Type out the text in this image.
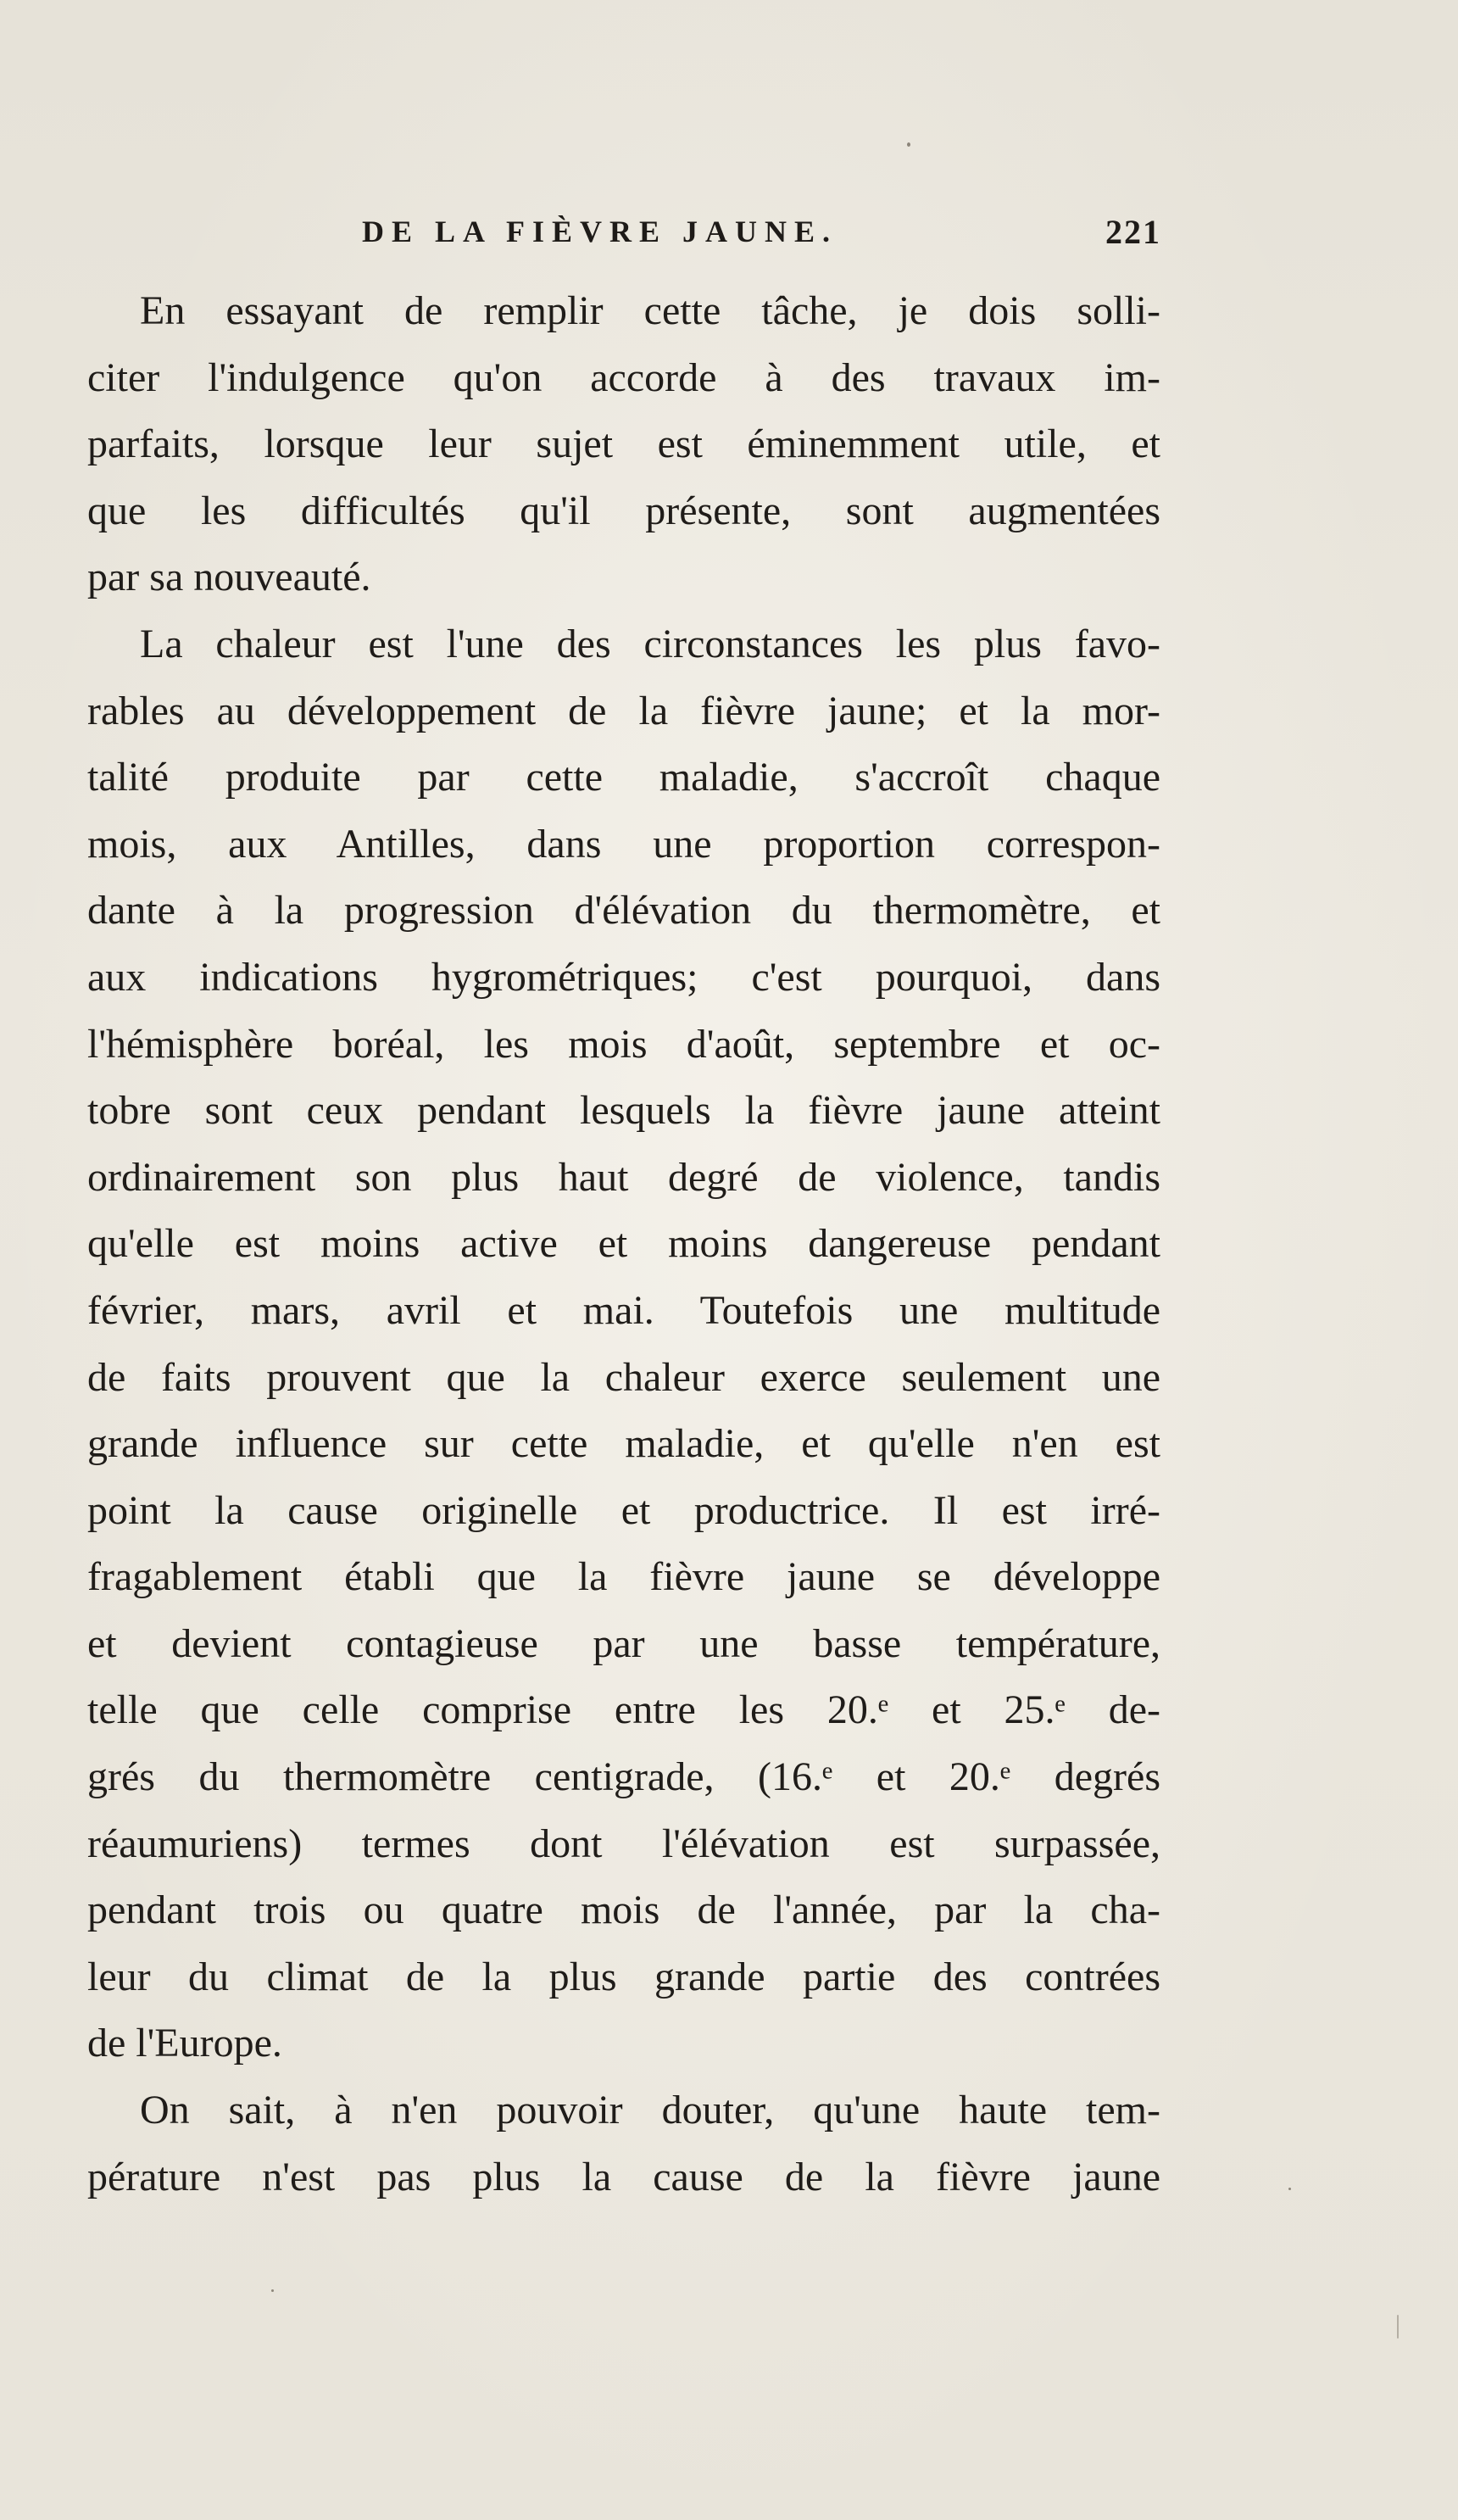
DE LA FIÈVRE JAUNE.	221
En essayant de remplir cette tâche, je dois solli-
citer l'indulgence qu'on accorde à des travaux im-
parfaits, lorsque leur sujet est éminemment utile, et
que les difficultés qu'il présente, sont augmentées
par sa nouveauté.
La chaleur est l'une des circonstances les plus favo-
rables au développement de la fièvre jaune; et la mor-
talité produite par cette maladie, s'accroît chaque
mois, aux Antilles, dans une proportion correspon-
dante à la progression d'élévation du thermomètre, et
aux indications hygrométriques; c'est pourquoi, dans
l'hémisphère boréal, les mois d'août, septembre et oc-
tobre sont ceux pendant lesquels la fièvre jaune atteint
ordinairement son plus haut degré de violence, tandis
qu'elle est moins active et moins dangereuse pendant
février, mars, avril et mai. Toutefois une multitude
de faits prouvent que la chaleur exerce seulement une
grande influence sur cette maladie, et qu'elle n'en est
point la cause originelle et productrice. Il est irré-
fragablement établi que la fièvre jaune se développe
et devient contagieuse par une basse température,
telle que celle comprise entre les 20.ᵉ et 25.ᵉ de-
grés du thermomètre centigrade, (16.ᵉ et 20.ᵉ degrés
réaumuriens) termes dont l'élévation est surpassée,
pendant trois ou quatre mois de l'année, par la cha-
leur du climat de la plus grande partie des contrées
de l'Europe.
On sait, à n'en pouvoir douter, qu'une haute tem-
pérature n'est pas plus la cause de la fièvre jaune
